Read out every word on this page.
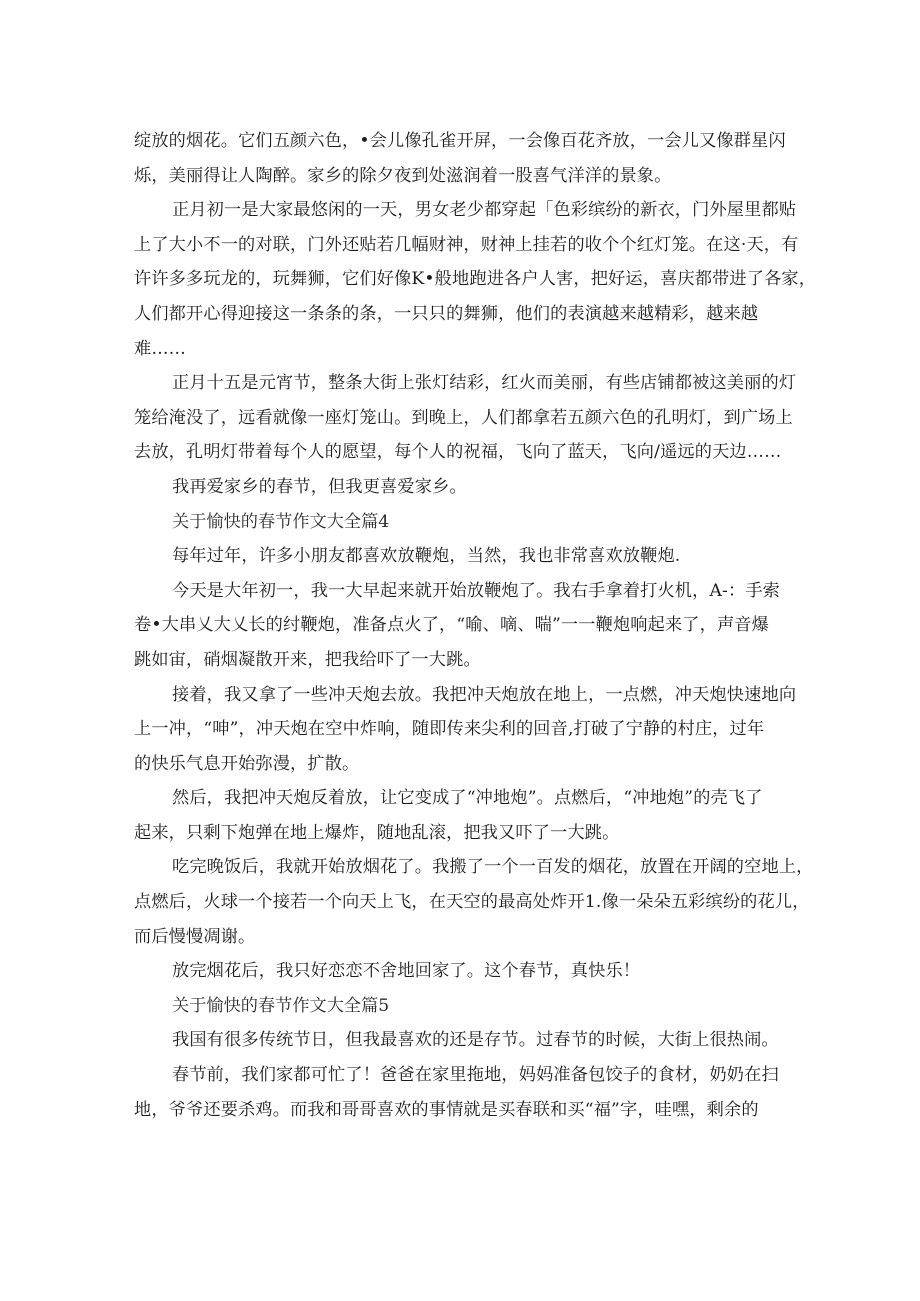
绽放的烟花。它们五颜六色，•会儿像孔雀开屏，一会像百花齐放，一会儿又像群星闪
烁，美丽得让人陶醉。家乡的除夕夜到处滋润着一股喜气洋洋的景象。
正月初一是大家最悠闲的一天，男女老少都穿起「色彩缤纷的新衣，门外屋里都贴
上了大小不一的对联，门外还贴若几幅财神，财神上挂若的收个个红灯笼。在这·天，有
许许多多玩龙的，玩舞狮，它们好像K•般地跑进各户人害，把好运，喜庆都带进了各家，
人们都开心得迎接这一条条的条，一只只的舞狮，他们的表演越来越精彩，越来越
难……
正月十五是元宵节，整条大街上张灯结彩，红火而美丽，有些店铺都被这美丽的灯
笼给淹没了，远看就像一座灯笼山。到晚上，人们都拿若五颜六色的孔明灯，到广场上
去放，孔明灯带着每个人的愿望，每个人的祝福，飞向了蓝天，飞向/遥远的天边……
我再爱家乡的春节，但我更喜爱家乡。
关于愉快的春节作文大全篇4
每年过年，许多小朋友都喜欢放鞭炮，当然，我也非常喜欢放鞭炮.
今天是大年初一，我一大早起来就开始放鞭炮了。我右手拿着打火机，A-：手索
卷•大串乂大乂长的纣鞭炮，准备点火了，“喻、嘀、喘”一一鞭炮响起来了，声音爆
跳如宙，硝烟凝散开来，把我给吓了一大跳。
接着，我又拿了一些冲天炮去放。我把冲天炮放在地上，一点燃，冲天炮快速地向
上一冲，“呻”，冲天炮在空中炸响，随即传来尖利的回音,打破了宁静的村庄，过年
的快乐气息开始弥漫，扩散。
然后，我把冲天炮反着放，让它变成了“冲地炮”。点燃后，“冲地炮”的壳飞了
起来，只剩下炮弹在地上爆炸，随地乱滚，把我又吓了一大跳。
吃完晚饭后，我就开始放烟花了。我搬了一个一百发的烟花，放置在开阔的空地上，
点燃后，火球一个接若一个向天上飞，在天空的最高处炸开1.像一朵朵五彩缤纷的花儿，
而后慢慢凋谢。
放完烟花后，我只好恋恋不舍地回家了。这个春节，真快乐！
关于愉快的春节作文大全篇5
我国有很多传统节日，但我最喜欢的还是存节。过春节的时候，大街上很热闹。
春节前，我们家都可忙了！爸爸在家里拖地，妈妈准备包饺子的食材，奶奶在扫
地，爷爷还要杀鸡。而我和哥哥喜欢的事情就是买春联和买“福”字，哇嘿，剩余的
